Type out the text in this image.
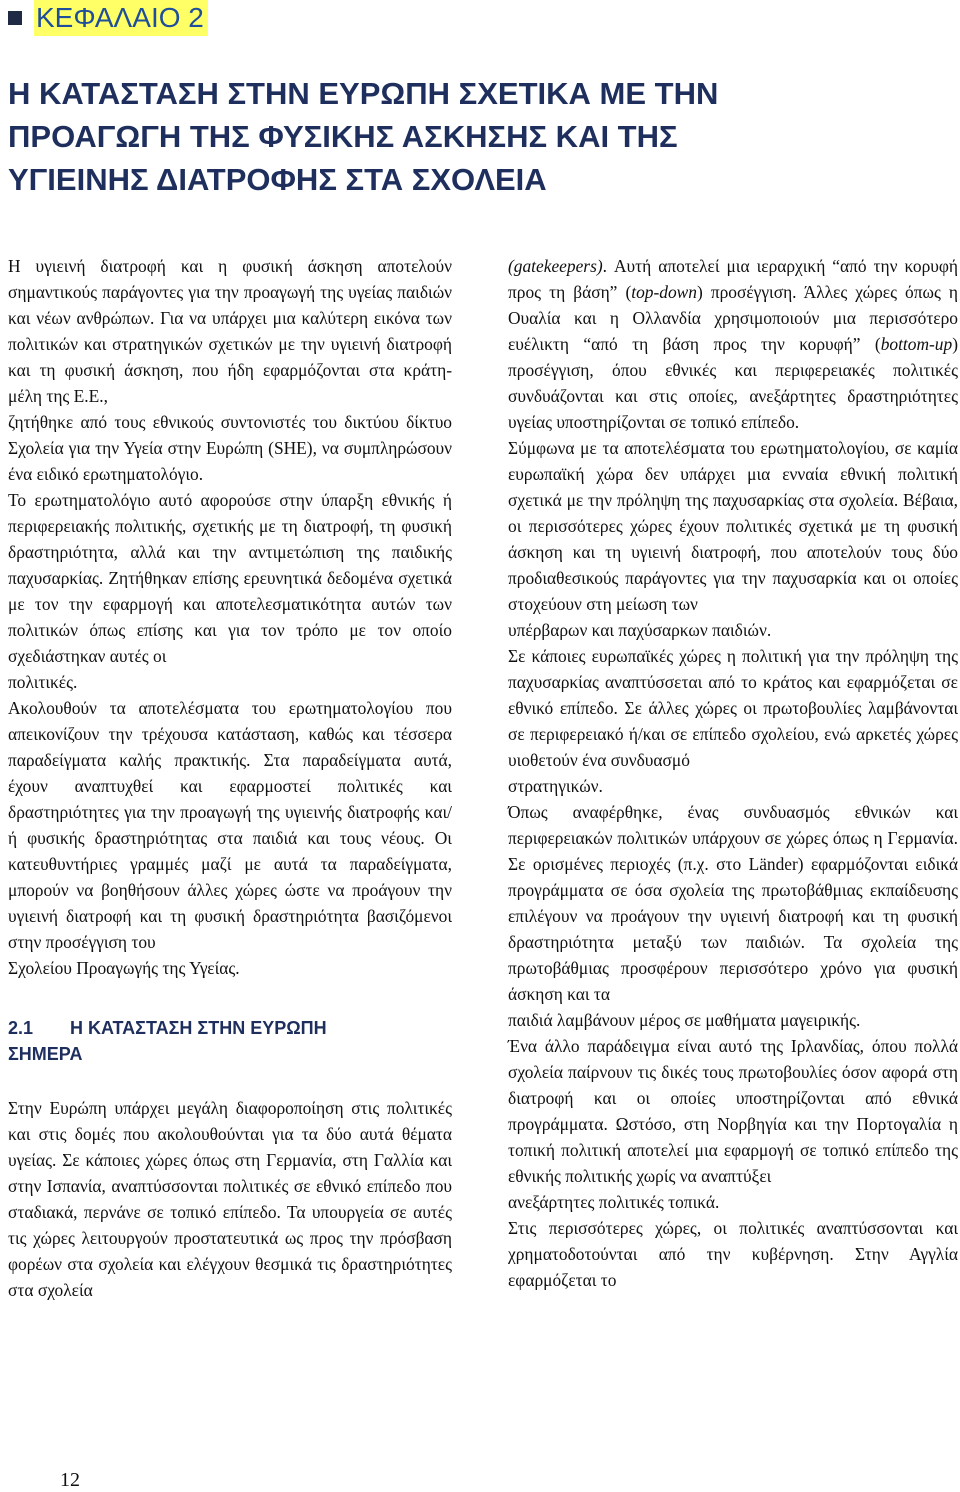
ΚΕΦΑΛΑΙΟ 2
Η ΚΑΤΑΣΤΑΣΗ ΣΤΗΝ ΕΥΡΩΠΗ ΣΧΕΤΙΚΑ ΜΕ ΤΗΝ
ΠΡΟΑΓΩΓΗ ΤΗΣ ΦΥΣΙΚΗΣ ΑΣΚΗΣΗΣ ΚΑΙ ΤΗΣ
ΥΓΙΕΙΝΗΣ ΔΙΑΤΡΟΦΗΣ ΣΤΑ ΣΧΟΛΕΙΑ

Η υγιεινή διατροφή και η φυσική άσκηση αποτελούν σημαντικούς παράγοντες για την προαγωγή της υγείας παιδιών και νέων ανθρώπων. Για να υπάρχει μια καλύτερη εικόνα των πολιτικών και στρατηγικών σχετικών με την υγιεινή διατροφή και τη φυσική άσκηση, που ήδη εφαρμόζονται στα κράτη- μέλη της Ε.Ε.,
ζητήθηκε από τους εθνικούς συντονιστές του δικτύου δίκτυο Σχολεία για την Υγεία στην Ευρώπη (SHE), να συμπληρώσουν ένα ειδικό ερωτηματολόγιο.

Το ερωτηματολόγιο αυτό αφορούσε στην ύπαρξη εθνικής ή περιφερειακής πολιτικής, σχετικής με τη διατροφή, τη φυσική δραστηριότητα, αλλά και την αντιμετώπιση της παιδικής παχυσαρκίας. Ζητήθηκαν επίσης ερευνητικά δεδομένα σχετικά με τον την εφαρμογή και αποτελεσματικότητα αυτών των πολιτικών όπως επίσης και για τον τρόπο με τον οποίο σχεδιάστηκαν αυτές οι
πολιτικές.

Ακολουθούν τα αποτελέσματα του ερωτηματολογίου που απεικονίζουν την τρέχουσα κατάσταση, καθώς και τέσσερα παραδείγματα καλής πρακτικής. Στα παραδείγματα αυτά, έχουν αναπτυχθεί και εφαρμοστεί πολιτικές και δραστηριότητες για την προαγωγή της υγιεινής διατροφής και/ ή φυσικής δραστηριότητας στα παιδιά και τους νέους. Οι κατευθυντήριες γραμμές μαζί με αυτά τα παραδείγματα, μπορούν να βοηθήσουν άλλες χώρες ώστε να προάγουν την υγιεινή διατροφή και τη φυσική δραστηριότητα βασιζόμενοι στην προσέγγιση του
Σχολείου Προαγωγής της Υγείας.

2.1 Η ΚΑΤΑΣΤΑΣΗ ΣΤΗΝ ΕΥΡΩΠΗ
ΣΗΜΕΡΑ

Στην Ευρώπη υπάρχει μεγάλη διαφοροποίηση στις πολιτικές και στις δομές που ακολουθούνται για τα δύο αυτά θέματα υγείας. Σε κάποιες χώρες όπως στη Γερμανία, στη Γαλλία και στην Ισπανία, αναπτύσσονται πολιτικές σε εθνικό επίπεδο που σταδιακά, περνάνε σε τοπικό επίπεδο. Τα υπουργεία σε αυτές τις χώρες λειτουργούν προστατευτικά ως προς την πρόσβαση φορέων στα σχολεία και ελέγχουν θεσμικά τις δραστηριότητες στα σχολεία

(gatekeepers). Αυτή αποτελεί μια ιεραρχική “από την κορυφή προς τη βάση” (top-down) προσέγγιση. Άλλες χώρες όπως η Ουαλία και η Ολλανδία χρησιμοποιούν μια περισσότερο ευέλικτη “από τη βάση προς την κορυφή” (bottom-up) προσέγγιση, όπου εθνικές και περιφερειακές πολιτικές συνδυάζονται και στις οποίες, ανεξάρτητες δραστηριότητες υγείας υποστηρίζονται σε τοπικό επίπεδο.

Σύμφωνα με τα αποτελέσματα του ερωτηματολογίου, σε καμία ευρωπαϊκή χώρα δεν υπάρχει μια ενναία εθνική πολιτική σχετικά με την πρόληψη της παχυσαρκίας στα σχολεία. Βέβαια, οι περισσότερες χώρες έχουν πολιτικές σχετικά με τη φυσική άσκηση και τη υγιεινή διατροφή, που αποτελούν τους δύο προδιαθεσικούς παράγοντες για την παχυσαρκία και οι οποίες στοχεύουν στη μείωση των
υπέρβαρων και παχύσαρκων παιδιών.

Σε κάποιες ευρωπαϊκές χώρες η πολιτική για την πρόληψη της παχυσαρκίας αναπτύσσεται από το κράτος και εφαρμόζεται σε εθνικό επίπεδο. Σε άλλες χώρες οι πρωτοβουλίες λαμβάνονται σε περιφερειακό ή/και σε επίπεδο σχολείου, ενώ αρκετές χώρες υιοθετούν ένα συνδυασμό
στρατηγικών.

Όπως αναφέρθηκε, ένας συνδυασμός εθνικών και περιφερειακών πολιτικών υπάρχουν σε χώρες όπως η Γερμανία. Σε ορισμένες περιοχές (π.χ. στο Länder) εφαρμόζονται ειδικά προγράμματα σε όσα σχολεία της πρωτοβάθμιας εκπαίδευσης επιλέγουν να προάγουν την υγιεινή διατροφή και τη φυσική δραστηριότητα μεταξύ των παιδιών. Τα σχολεία της πρωτοβάθμιας προσφέρουν περισσότερο χρόνο για φυσική άσκηση και τα
παιδιά λαμβάνουν μέρος σε μαθήματα μαγειρικής.

Ένα άλλο παράδειγμα είναι αυτό της Ιρλανδίας, όπου πολλά σχολεία παίρνουν τις δικές τους πρωτοβουλίες όσον αφορά στη διατροφή και οι οποίες υποστηρίζονται από εθνικά προγράμματα. Ωστόσο, στη Νορβηγία και την Πορτογαλία η τοπική πολιτική αποτελεί μια εφαρμογή σε τοπικό επίπεδο της εθνικής πολιτικής χωρίς να αναπτύξει
ανεξάρτητες πολιτικές τοπικά.

Στις περισσότερες χώρες, οι πολιτικές αναπτύσσονται και χρηματοδοτούνται από την κυβέρνηση. Στην Αγγλία εφαρμόζεται το

12
